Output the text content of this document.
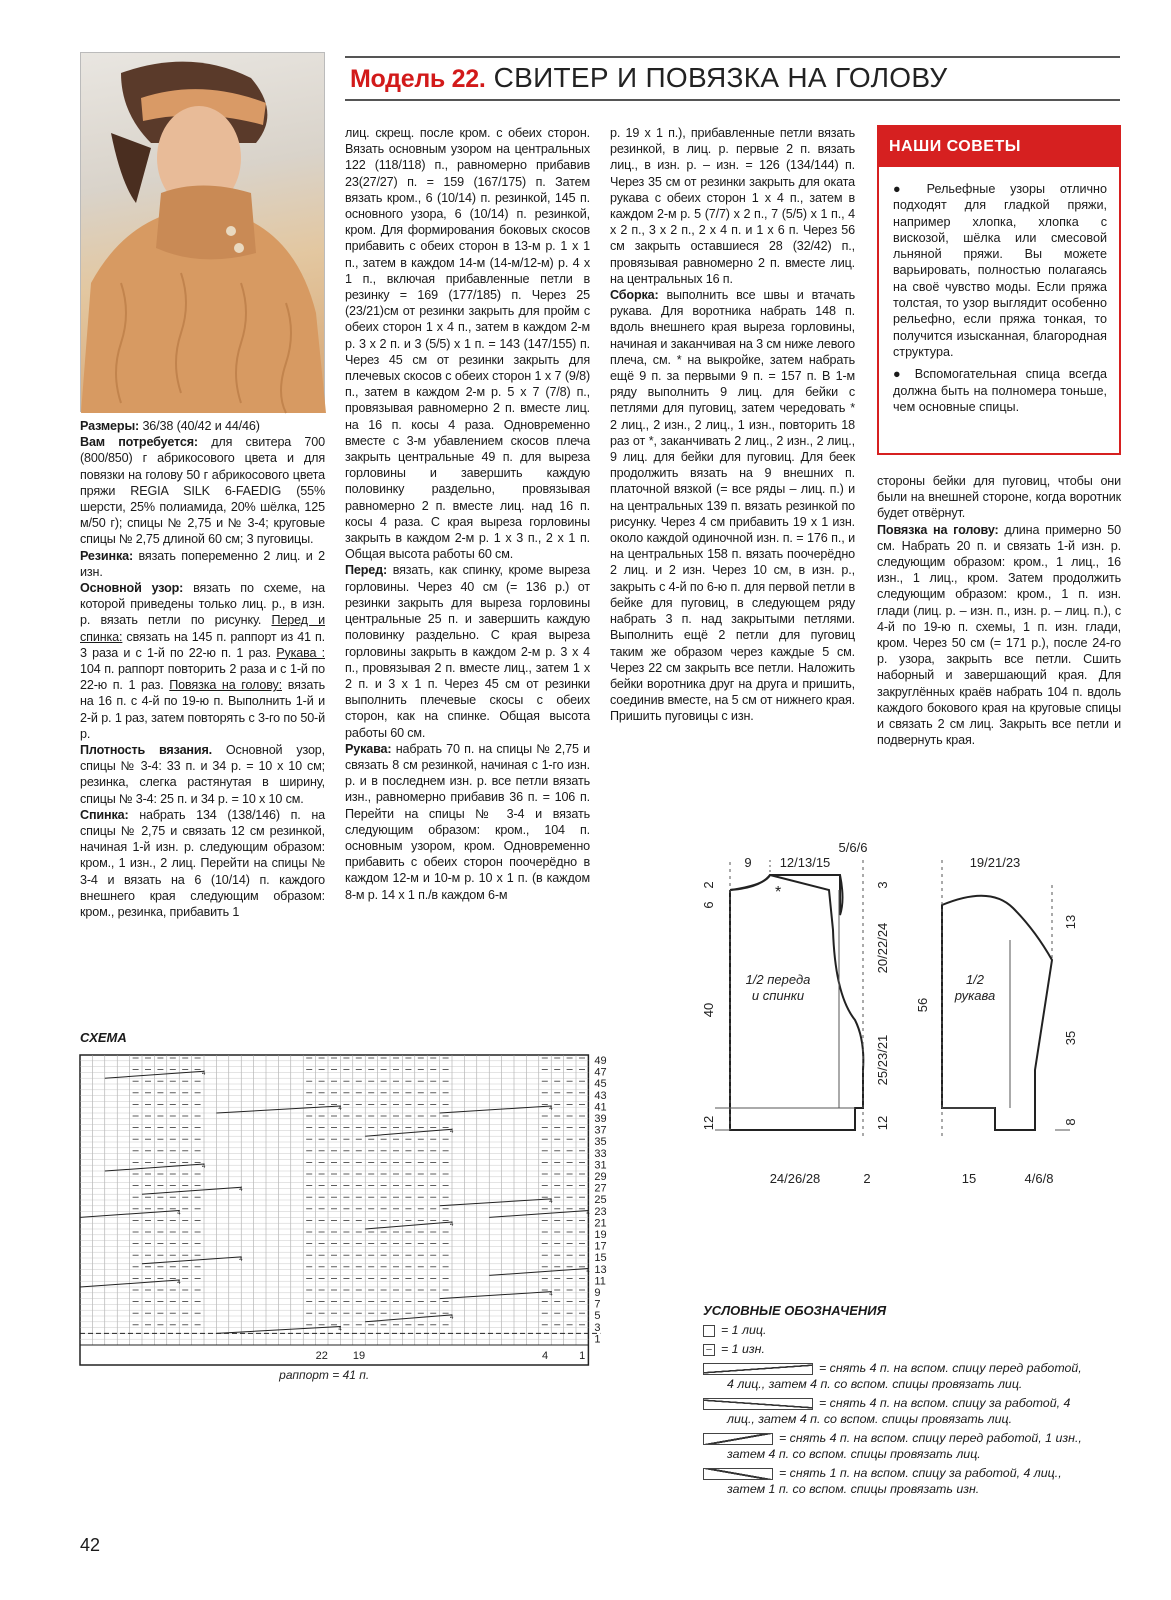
Модель 22. СВИТЕР И ПОВЯЗКА НА ГОЛОВУ

Размеры: 36/38 (40/42 и 44/46)

Вам потребуется: для свитера 700 (800/850) г абрикосового цвета и для повязки на голову 50 г абрикосового цвета пряжи REGIA SILK 6-FAEDIG (55% шерсти, 25% полиамида, 20% шёлка, 125 м/50 г); спицы № 2,75 и № 3-4; круговые спицы № 2,75 длиной 60 см; 3 пуговицы.

Резинка: вязать попеременно 2 лиц. и 2 изн.

Основной узор: вязать по схеме, на которой приведены только лиц. р., в изн. р. вязать петли по рисунку. Перед и спинка: связать на 145 п. раппорт из 41 п. 3 раза и с 1-й по 22-ю п. 1 раз. Рукава : 104 п. раппорт повторить 2 раза и с 1-й по 22-ю п. 1 раз. Повязка на голову: вязать на 16 п. с 4-й по 19-ю п. Выполнить 1-й и 2-й р. 1 раз, затем повторять с 3-го по 50-й р.

Плотность вязания. Основной узор, спицы № 3-4: 33 п. и 34 р. = 10 х 10 см; резинка, слегка растянутая в ширину, спицы № 3-4: 25 п. и 34 р. = 10 х 10 см.

Спинка: набрать 134 (138/146) п. на спицы № 2,75 и связать 12 см резинкой, начиная 1-й изн. р. следующим образом: кром., 1 изн., 2 лиц. Перейти на спицы № 3-4 и вязать на 6 (10/14) п. каждого внешнего края следующим образом: кром., резинка, прибавить 1

лиц. скрещ. после кром. с обеих сторон. Вязать основным узором на центральных 122 (118/118) п., равномерно прибавив 23(27/27) п. = 159 (167/175) п. Затем вязать кром., 6 (10/14) п. резинкой, 145 п. основного узора, 6 (10/14) п. резинкой, кром. Для формирования боковых скосов прибавить с обеих сторон в 13-м р. 1 х 1 п., затем в каждом 14-м (14-м/12-м) р. 4 х 1 п., включая прибавленные петли в резинку = 169 (177/185) п. Через 25 (23/21)см от резинки закрыть для пройм с обеих сторон 1 х 4 п., затем в каждом 2-м р. 3 х 2 п. и 3 (5/5) х 1 п. = 143 (147/155) п. Через 45 см от резинки закрыть для плечевых скосов с обеих сторон 1 х 7 (9/8) п., затем в каждом 2-м р. 5 х 7 (7/8) п., провязывая равномерно 2 п. вместе лиц. на 16 п. косы 4 раза. Одновременно вместе с 3-м убавлением скосов плеча закрыть центральные 49 п. для выреза горловины и завершить каждую половинку раздельно, провязывая равномерно 2 п. вместе лиц. над 16 п. косы 4 раза. С края выреза горловины закрыть в каждом 2-м р. 1 х 3 п., 2 х 1 п. Общая высота работы 60 см.

Перед: вязать, как спинку, кроме выреза горловины. Через 40 см (= 136 р.) от резинки закрыть для выреза горловины центральные 25 п. и завершить каждую половинку раздельно. С края выреза горловины закрыть в каждом 2-м р. 3 х 4 п., провязывая 2 п. вместе лиц., затем 1 х 2 п. и 3 х 1 п. Через 45 см от резинки выполнить плечевые скосы с обеих сторон, как на спинке. Общая высота работы 60 см.

Рукава: набрать 70 п. на спицы № 2,75 и связать 8 см резинкой, начиная с 1-го изн. р. и в последнем изн. р. все петли вязать изн., равномерно прибавив 36 п. = 106 п. Перейти на спицы № 3-4 и вязать следующим образом: кром., 104 п. основным узором, кром. Одновременно прибавить с обеих сторон поочерёдно в каждом 12-м и 10-м р. 10 х 1 п. (в каждом 8-м р. 14 х 1 п./в каждом 6-м

р. 19 х 1 п.), прибавленные петли вязать резинкой, в лиц. р. первые 2 п. вязать лиц., в изн. р. – изн. = 126 (134/144) п. Через 35 см от резинки закрыть для оката рукава с обеих сторон 1 х 4 п., затем в каждом 2-м р. 5 (7/7) х 2 п., 7 (5/5) х 1 п., 4 х 2 п., 3 х 2 п., 2 х 4 п. и 1 х 6 п. Через 56 см закрыть оставшиеся 28 (32/42) п., провязывая равномерно 2 п. вместе лиц. на центральных 16 п.

Сборка: выполнить все швы и втачать рукава. Для воротника набрать 148 п. вдоль внешнего края выреза горловины, начиная и заканчивая на 3 см ниже левого плеча, см. * на выкройке, затем набрать ещё 9 п. за первыми 9 п. = 157 п. В 1-м ряду выполнить 9 лиц. для бейки с петлями для пуговиц, затем чередовать * 2 лиц., 2 изн., 2 лиц., 1 изн., повторить 18 раз от *, заканчивать 2 лиц., 2 изн., 2 лиц., 9 лиц. для бейки для пуговиц. Для беек продолжить вязать на 9 внешних п. платочной вязкой (= все ряды – лиц. п.) и на центральных 139 п. вязать резинкой по рисунку. Через 4 см прибавить 19 х 1 изн. около каждой одиночной изн. п. = 176 п., и на центральных 158 п. вязать поочерёдно 2 лиц. и 2 изн. Через 10 см, в изн. р., закрыть с 4-й по 6-ю п. для первой петли в бейке для пуговиц, в следующем ряду набрать 3 п. над закрытыми петлями. Выполнить ещё 2 петли для пуговиц таким же образом через каждые 5 см. Через 22 см закрыть все петли. Наложить бейки воротника друг на друга и пришить, соединив вместе, на 5 см от нижнего края. Пришить пуговицы с изн.

НАШИ СОВЕТЫ

● Рельефные узоры отлично подходят для гладкой пряжи, например хлопка, хлопка с вискозой, шёлка или смесовой льняной пряжи. Вы можете варьировать, полностью полагаясь на своё чувство моды. Если пряжа толстая, то узор выглядит особенно рельефно, если пряжа тонкая, то получится изысканная, благородная структура.

● Вспомогательная спица всегда должна быть на полномера тоньше, чем основные спицы.

стороны бейки для пуговиц, чтобы они были на внешней стороне, когда воротник будет отвёрнут.

Повязка на голову: длина примерно 50 см. Набрать 20 п. и связать 1-й изн. р. следующим образом: кром., 1 лиц., 16 изн., 1 лиц., кром. Затем продолжить следующим образом: кром., 1 п. изн. глади (лиц. р. – изн. п., изн. р. – лиц. п.), с 4-й по 19-ю п. схемы, 1 п. изн. глади, кром. Через 50 см (= 171 р.), после 24-го р. узора, закрыть все петли. Сшить наборный и завершающий края. Для закруглённых краёв набрать 104 п. вдоль каждого бокового края на круговые спицы и связать 2 см лиц. Закрыть все петли и подвернуть края.

1/2 переда
и спинки
9 12/13/15
5/6/6
*
2
6
40
12
3
20/22/24
25/23/21
12
24/26/28	2
19/21/23
1/2
рукава
56
13
35
8
15	4/6/8
СХЕМА
4
4
4
4
4
4
4
4
4
4
4
4
4	4
4
4
49
47
45
43
41
39
37
35
33
31
29
27
25
23
21
19
17
15
13
11
9
7
5
3
1
22 19	4	1
раппорт = 41 п.
УСЛОВНЫЕ ОБОЗНАЧЕНИЯ
= 1 лиц.
– = 1 изн.
= снять 4 п. на вспом. спицу перед работой,
4 лиц., затем 4 п. со вспом. спицы провязать лиц.
= снять 4 п. на вспом. спицу за работой, 4
лиц., затем 4 п. со вспом. спицы провязать лиц.
= снять 4 п. на вспом. спицу перед работой, 1 изн.,
затем 4 п. со вспом. спицы провязать лиц.
= снять 1 п. на вспом. спицу за работой, 4 лиц.,
затем 1 п. со вспом. спицы провязать изн.
42
